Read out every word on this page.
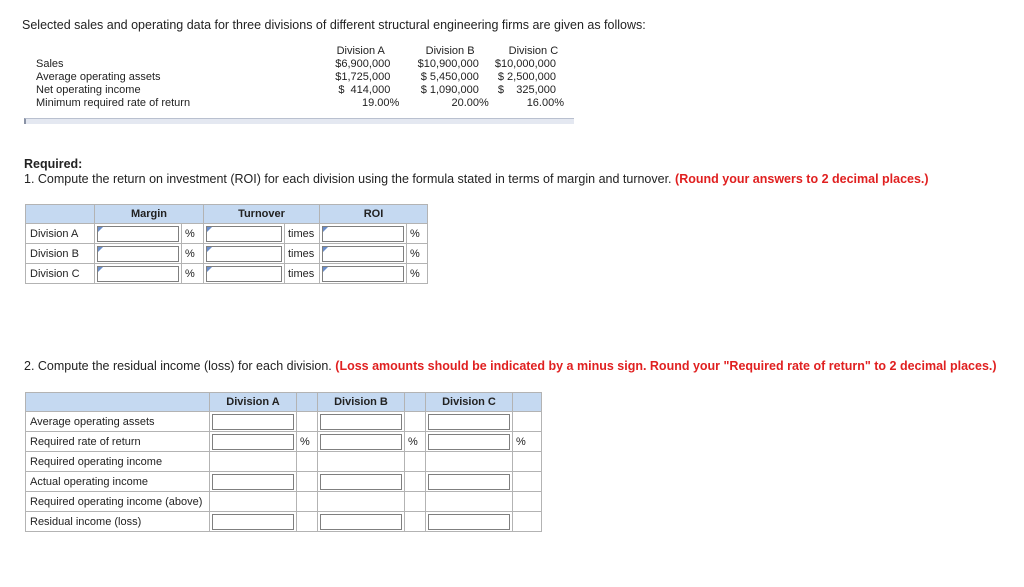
Selected sales and operating data for three divisions of different structural engineering firms are given as follows:
	Division A	Division B	Division C
Sales	$6,900,000	$10,900,000	$10,000,000
Average operating assets	$1,725,000	$ 5,450,000	$ 2,500,000
Net operating income	$  414,000	$ 1,090,000	$    325,000
Minimum required rate of return	19.00%	20.00%	16.00%
Required:
1. Compute the return on investment (ROI) for each division using the formula stated in terms of margin and turnover. (Round your answers to 2 decimal places.)
	Margin		Turnover		ROI	
Division A		%		times		%
Division B		%		times		%
Division C		%		times		%
2. Compute the residual income (loss) for each division. (Loss amounts should be indicated by a minus sign. Round your "Required rate of return" to 2 decimal places.)
	Division A		Division B		Division C	
Average operating assets	

Required rate of return		%		%		%
Required operating income						
Actual operating income	

Required operating income (above)						
Residual income (loss)	
